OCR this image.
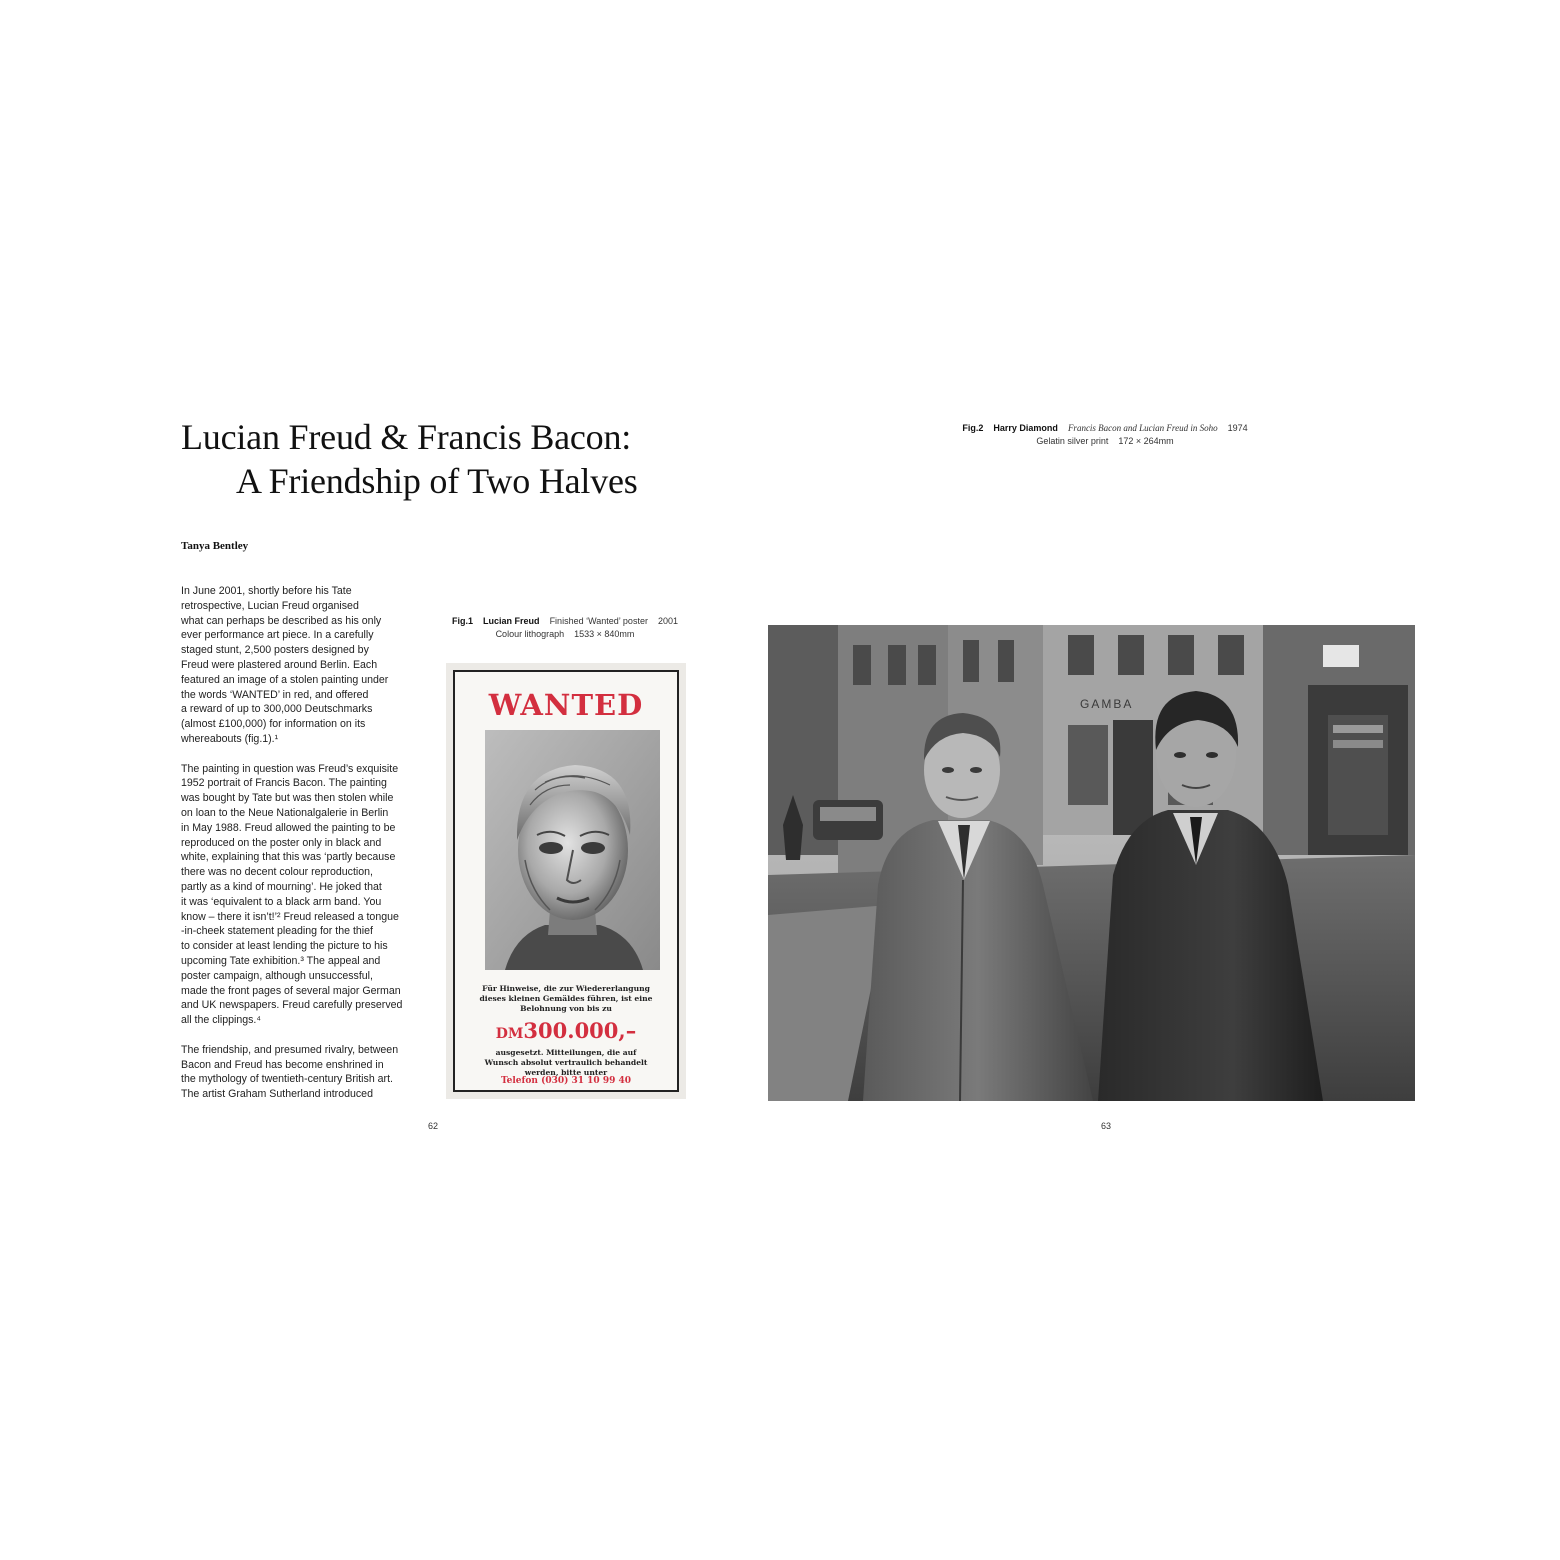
Lucian Freud & Francis Bacon:
A Friendship of Two Halves
Tanya Bentley

In June 2001, shortly before his Tate
retrospective, Lucian Freud organised
what can perhaps be described as his only
ever performance art piece. In a carefully
staged stunt, 2,500 posters designed by
Freud were plastered around Berlin. Each
featured an image of a stolen painting under
the words ‘WANTED’ in red, and offered
a reward of up to 300,000 Deutschmarks
(almost £100,000) for information on its
whereabouts (fig.1).¹

The painting in question was Freud’s exquisite
1952 portrait of Francis Bacon. The painting
was bought by Tate but was then stolen while
on loan to the Neue Nationalgalerie in Berlin
in May 1988. Freud allowed the painting to be
reproduced on the poster only in black and
white, explaining that this was ‘partly because
there was no decent colour reproduction,
partly as a kind of mourning’. He joked that
it was ‘equivalent to a black arm band. You
know – there it isn’t!’² Freud released a tongue
-in-cheek statement pleading for the thief
to consider at least lending the picture to his
upcoming Tate exhibition.³ The appeal and
poster campaign, although unsuccessful,
made the front pages of several major German
and UK newspapers. Freud carefully preserved
all the clippings.⁴

The friendship, and presumed rivalry, between
Bacon and Freud has become enshrined in
the mythology of twentieth-century British art.
The artist Graham Sutherland introduced

Fig.1 Lucian Freud Finished ‘Wanted’ poster 2001
Colour lithograph 1533 × 840mm
WANTED
Für Hinweise, die zur Wiedererlangung
dieses kleinen Gemäldes führen, ist eine
Belohnung von bis zu
DM300.000,–
ausgesetzt. Mitteilungen, die auf
Wunsch absolut vertraulich behandelt
werden, bitte unter
Telefon (030) 31 10 99 40
Fig.2 Harry Diamond Francis Bacon and Lucian Freud in Soho 1974
Gelatin silver print 172 × 264mm
GAMBA
62	63
